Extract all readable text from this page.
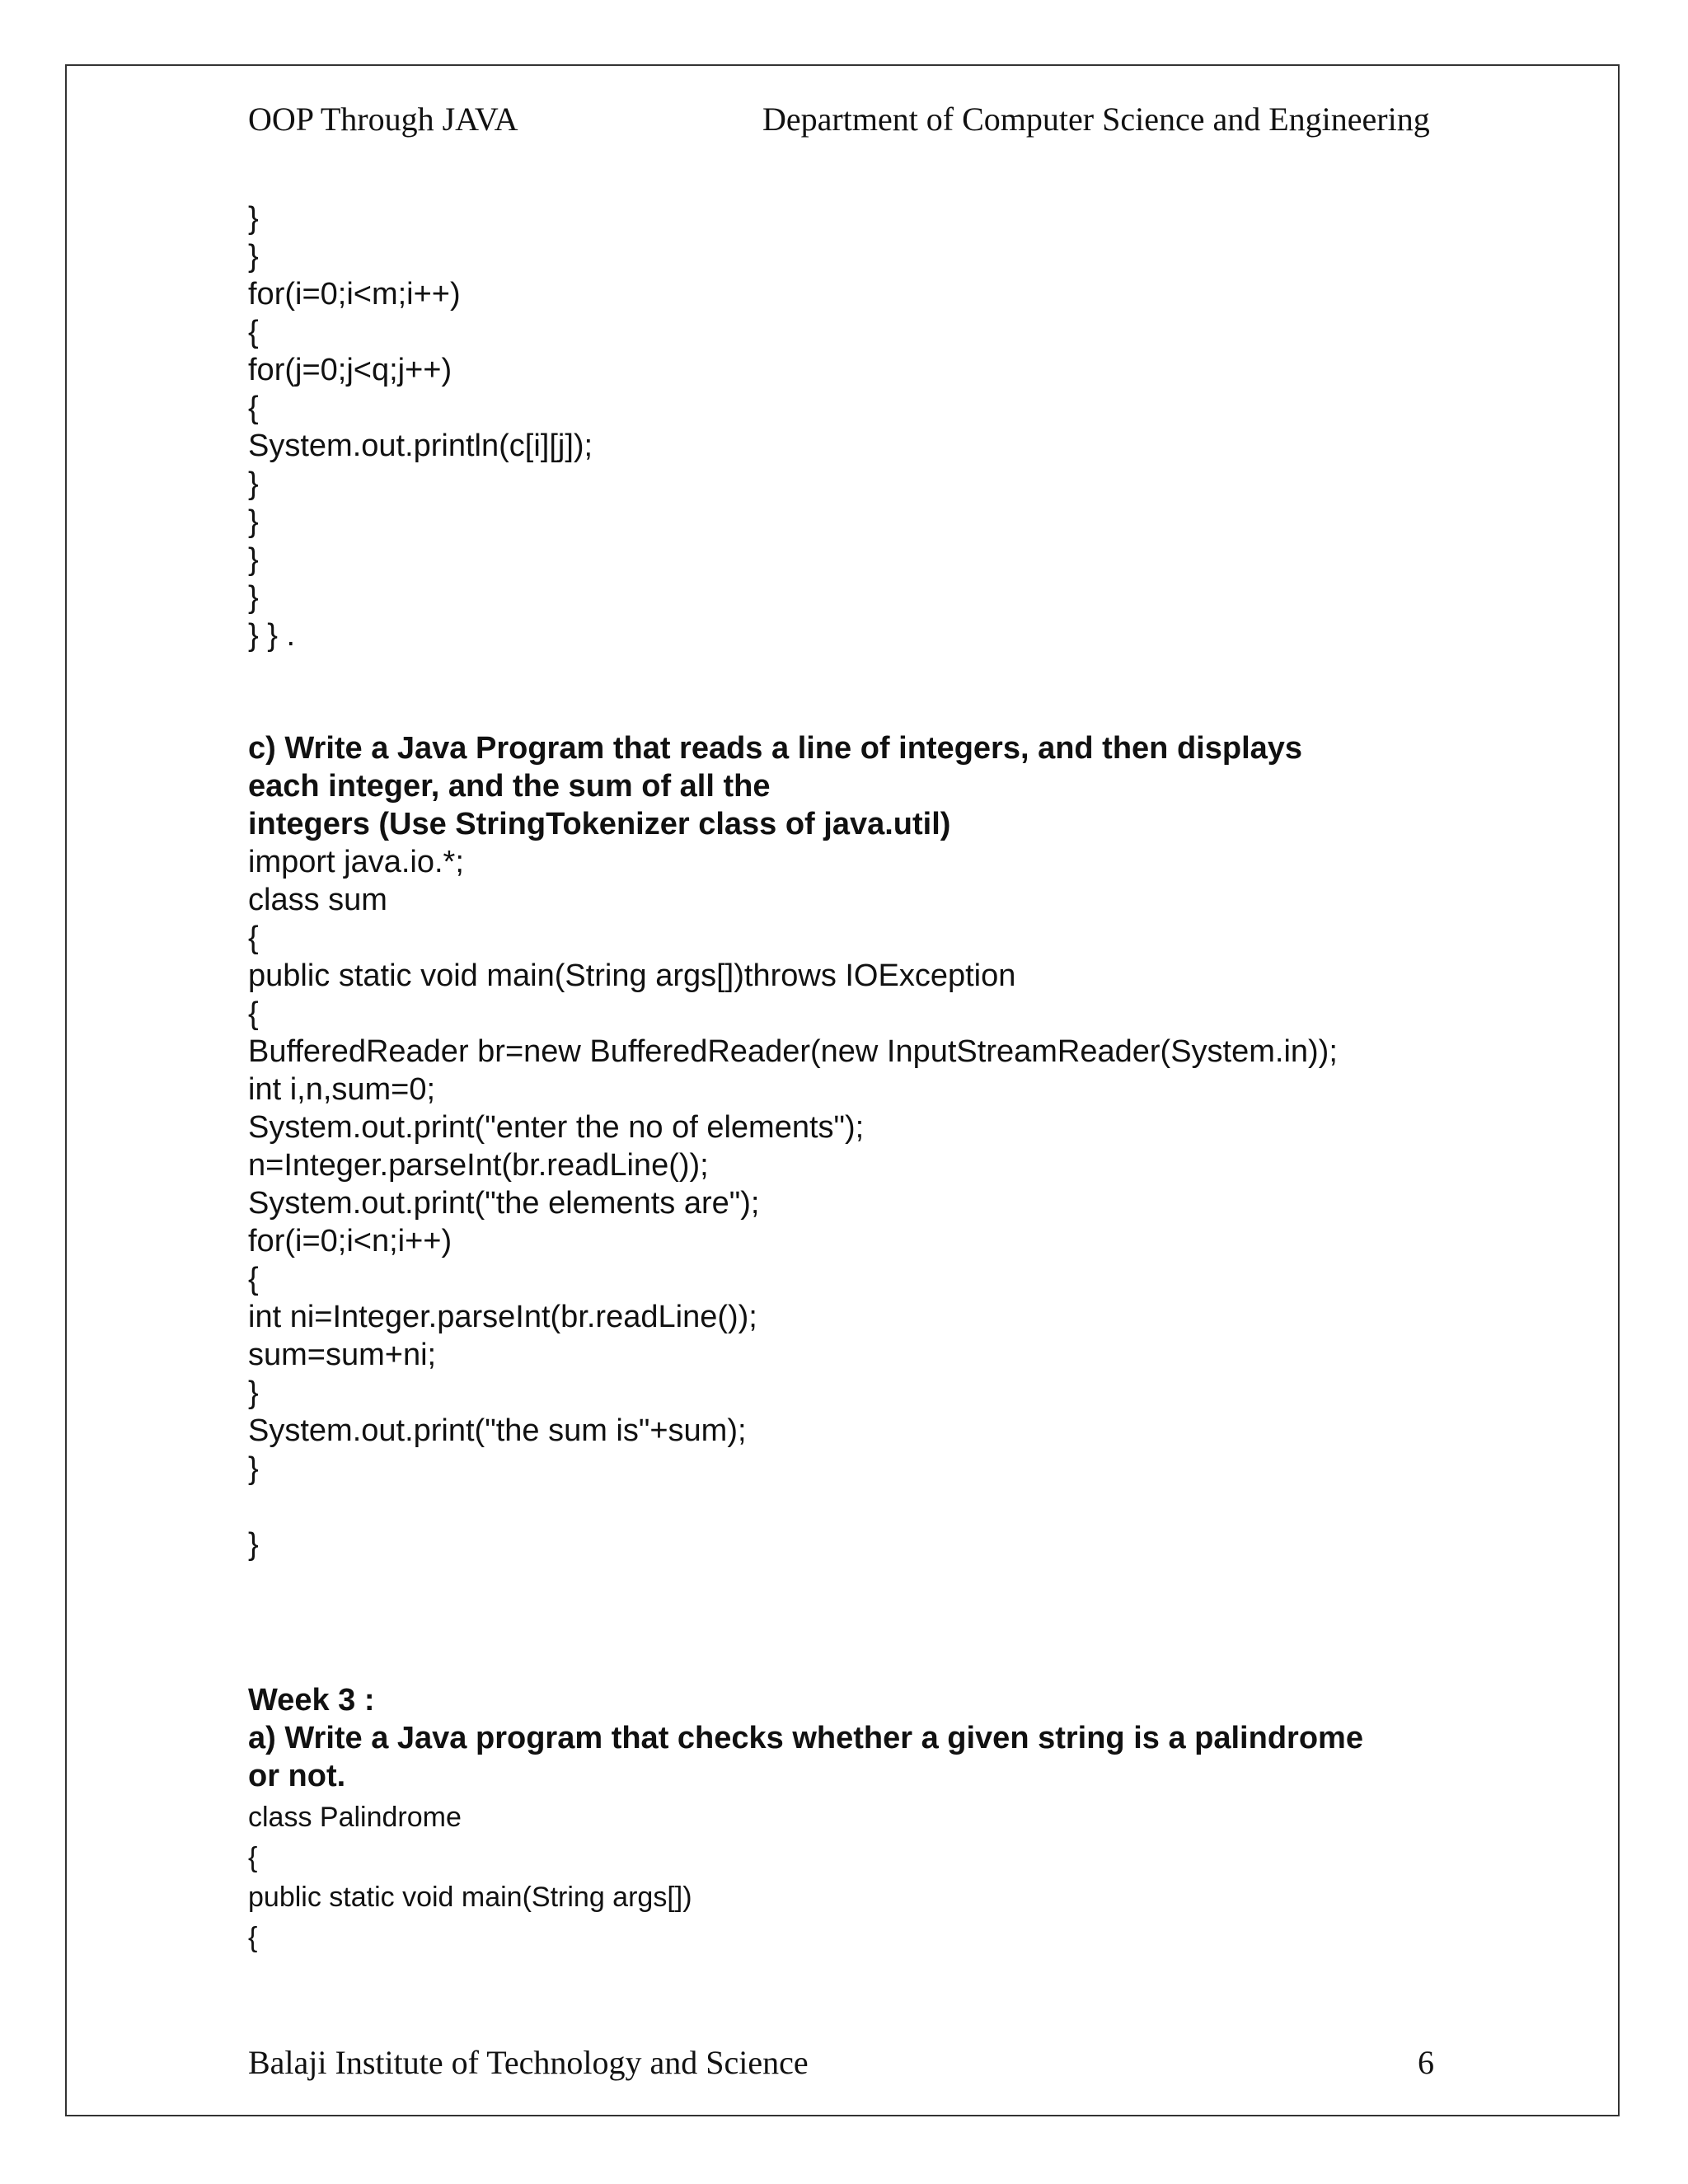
OOP Through JAVA	Department of Computer Science and Engineering
}
}
for(i=0;i<m;i++)
{
for(j=0;j<q;j++)
{
System.out.println(c[i][j]);
}
}
}
}
} } .
c) Write a Java Program that reads a line of integers, and then displays
each integer, and the sum of all the
integers (Use StringTokenizer class of java.util)
import java.io.*;
class sum
{
public static void main(String args[])throws IOException
{
BufferedReader br=new BufferedReader(new InputStreamReader(System.in));
int i,n,sum=0;
System.out.print("enter the no of elements");
n=Integer.parseInt(br.readLine());
System.out.print("the elements are");
for(i=0;i<n;i++)
{
int ni=Integer.parseInt(br.readLine());
sum=sum+ni;
}
System.out.print("the sum is"+sum);
}
}
Week 3 :
a) Write a Java program that checks whether a given string is a palindrome
or not.
class Palindrome
{
public static void main(String args[])
{
Balaji Institute of Technology and Science	6
